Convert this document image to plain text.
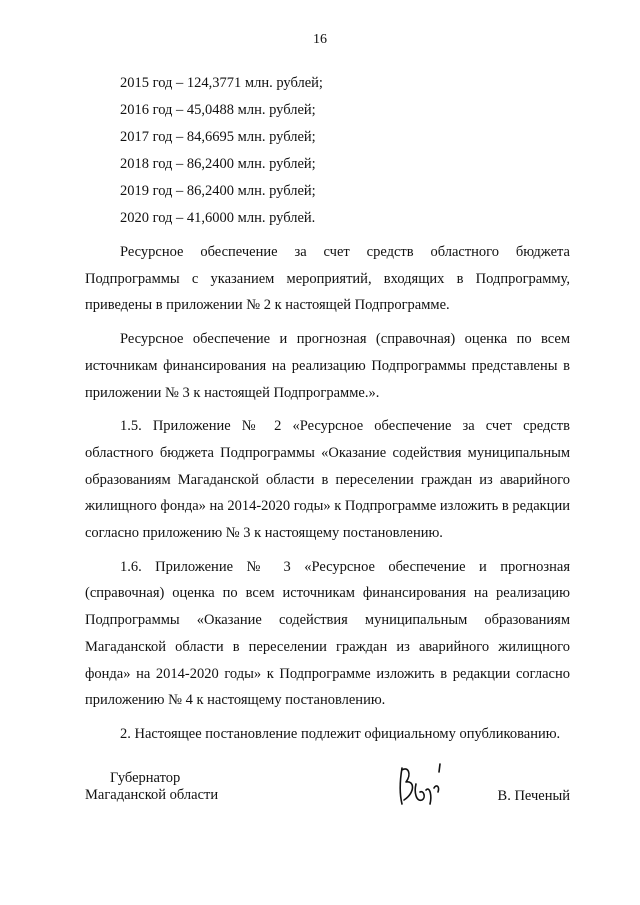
16
2015 год – 124,3771 млн. рублей;
2016 год – 45,0488 млн. рублей;
2017 год – 84,6695 млн. рублей;
2018 год – 86,2400 млн. рублей;
2019 год – 86,2400 млн. рублей;
2020 год – 41,6000 млн. рублей.

Ресурсное обеспечение за счет средств областного бюджета Подпрограммы с указанием мероприятий, входящих в Подпрограмму, приведены в приложении № 2 к настоящей Подпрограмме.

Ресурсное обеспечение и прогнозная (справочная) оценка по всем источникам финансирования на реализацию Подпрограммы представлены в приложении № 3 к настоящей Подпрограмме.».

1.5. Приложение № 2 «Ресурсное обеспечение за счет средств областного бюджета Подпрограммы «Оказание содействия муниципальным образованиям Магаданской области в переселении граждан из аварийного жилищного фонда» на 2014-2020 годы» к Подпрограмме изложить в редакции согласно приложению № 3 к настоящему постановлению.

1.6. Приложение № 3 «Ресурсное обеспечение и прогнозная (справочная) оценка по всем источникам финансирования на реализацию Подпрограммы «Оказание содействия муниципальным образованиям Магаданской области в переселении граждан из аварийного жилищного фонда» на 2014-2020 годы» к Подпрограмме изложить в редакции согласно приложению № 4 к настоящему постановлению.

2. Настоящее постановление подлежит официальному опубликованию.

Губернатор
Магаданской области	В. Печеный
